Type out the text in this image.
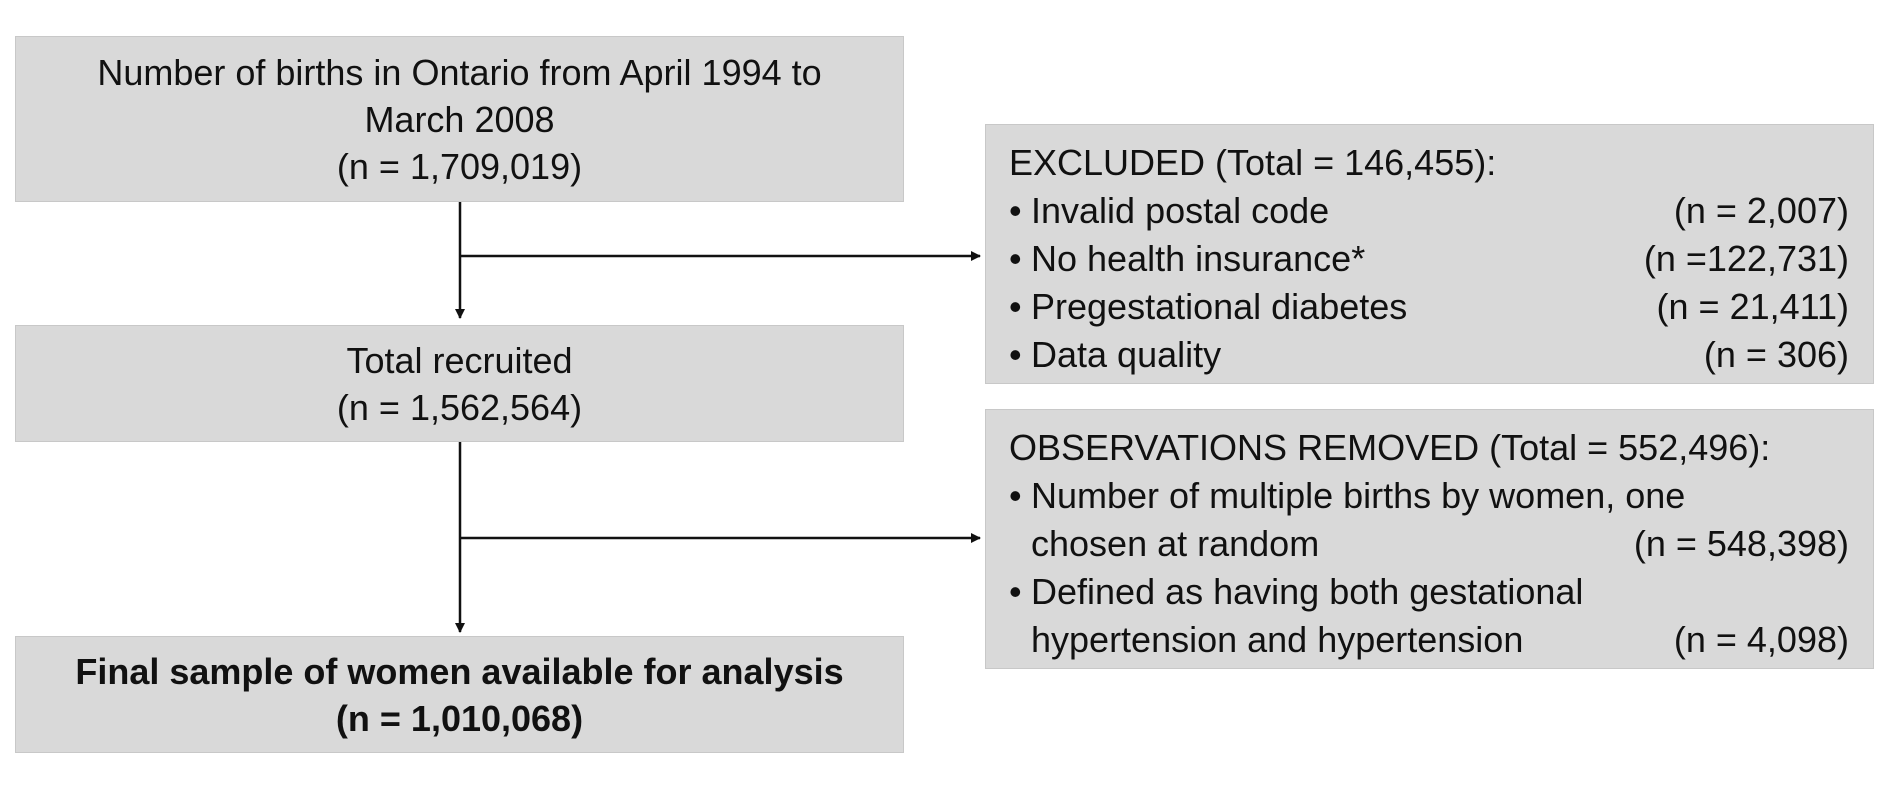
Number of births in Ontario from April 1994 to
March 2008
(n = 1,709,019)
Total recruited
(n = 1,562,564)
Final sample of women available for analysis
(n = 1,010,068)
EXCLUDED (Total = 146,455):
• Invalid postal code	(n = 2,007)
• No health insurance*	(n =122,731)
• Pregestational diabetes	(n = 21,411)
• Data quality	(n = 306)
OBSERVATIONS REMOVED (Total = 552,496):
• Number of multiple births by women, one
chosen at random	(n = 548,398)
• Defined as having both gestational
hypertension and hypertension	(n = 4,098)
